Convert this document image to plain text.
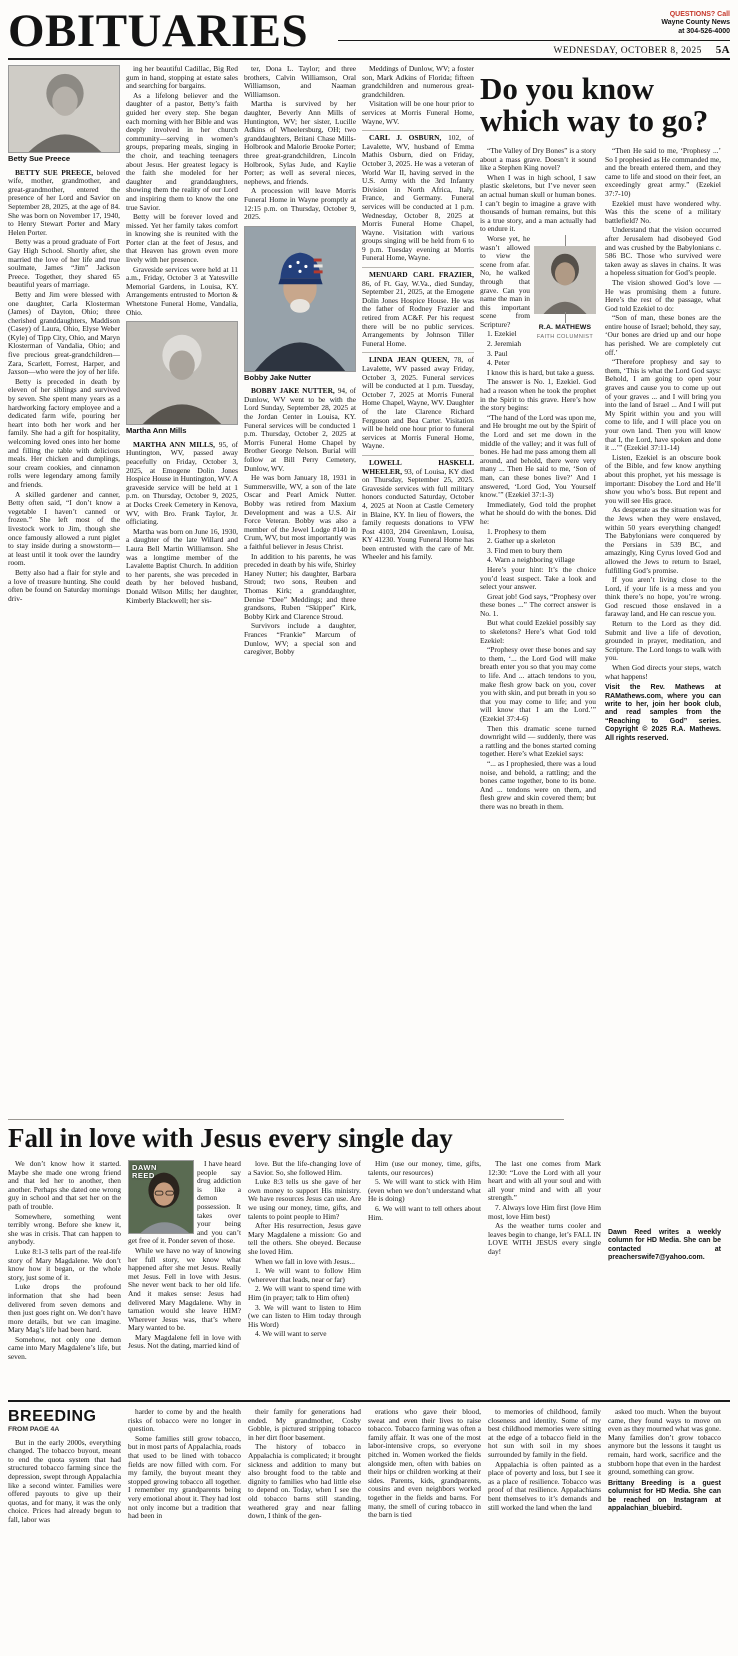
OBITUARIES	QUESTIONS? Call
Wayne County News
at 304-526-4000
WEDNESDAY, OCTOBER 8, 2025 5A
Betty Sue Preece

BETTY SUE PREECE, beloved wife, mother, grandmother, and great-grandmother, entered the presence of her Lord and Savior on September 28, 2025, at the age of 84. She was born on November 17, 1940, to Henry Stewart Porter and Mary Helen Porter.

Betty was a proud graduate of Fort Gay High School. Shortly after, she married the love of her life and true soulmate, James “Jim” Jackson Preece. Together, they shared 65 beautiful years of marriage.

Betty and Jim were blessed with one daughter, Carla Klosterman (James) of Dayton, Ohio; three cherished granddaughters, Maddison (Casey) of Laura, Ohio, Elyse Weber (Kyle) of Tipp City, Ohio, and Maryn Klosterman of Vandalia, Ohio; and five precious great-grandchildren—Zara, Scarlett, Forrest, Harper, and Jaxson—who were the joy of her life.

Betty is preceded in death by eleven of her siblings and survived by seven. She spent many years as a hardworking factory employee and a dedicated farm wife, pouring her heart into both her work and her family. She had a gift for hospitality, welcoming loved ones into her home and filling the table with delicious meals. Her chicken and dumplings, sour cream cookies, and cinnamon rolls were legendary among family and friends.

A skilled gardener and canner, Betty often said, “I don’t know a vegetable I haven’t canned or frozen.” She left most of the livestock work to Jim, though she once famously allowed a runt piglet to stay inside during a snowstorm—at least until it took over the laundry room.

Betty also had a flair for style and a love of treasure hunting. She could often be found on Saturday mornings driv-

ing her beautiful Cadillac, Big Red gum in hand, stopping at estate sales and searching for bargains.

As a lifelong believer and the daughter of a pastor, Betty’s faith guided her every step. She began each morning with her Bible and was deeply involved in her church community—serving in women’s groups, preparing meals, singing in the choir, and teaching teenagers about Jesus. Her greatest legacy is the faith she modeled for her daughter and granddaughters, showing them the reality of our Lord and inspiring them to know the one true Savior.

Betty will be forever loved and missed. Yet her family takes comfort in knowing she is reunited with the Porter clan at the feet of Jesus, and that Heaven has grown even more lively with her presence.

Graveside services were held at 11 a.m., Friday, October 3 at Yatesville Memorial Gardens, in Louisa, KY. Arrangements entrusted to Morton & Whetstone Funeral Home, Vandalia, Ohio.

Martha Ann Mills

MARTHA ANN MILLS, 95, of Huntington, WV, passed away peacefully on Friday, October 3, 2025, at Emogene Dolin Jones Hospice House in Huntington, WV. A graveside service will be held at 1 p.m. on Thursday, October 9, 2025, at Docks Creek Cemetery in Kenova, WV, with Bro. Frank Taylor, Jr. officiating.

Martha was born on June 16, 1930, a daughter of the late Willard and Laura Bell Martin Williamson. She was a longtime member of the Lavalette Baptist Church. In addition to her parents, she was preceded in death by her beloved husband, Donald Wilson Mills; her daughter, Kimberly Blackwell; her sis-

ter, Dona L. Taylor; and three brothers, Calvin Williamson, Oral Williamson, and Naaman Williamson.

Martha is survived by her daughter, Beverly Ann Mills of Huntington, WV; her sister, Lucille Adkins of Wheelersburg, OH; two granddaughters, Britani Chase Mills-Holbrook and Malorie Brooke Porter; three great-grandchildren, Lincoln Holbrook, Sylas Jude, and Kaylie Porter; as well as several nieces, nephews, and friends.

A procession will leave Morris Funeral Home in Wayne promptly at 12:15 p.m. on Thursday, October 9, 2025.

Bobby Jake Nutter

BOBBY JAKE NUTTER, 94, of Dunlow, WV went to be with the Lord Sunday, September 28, 2025 at the Jordan Center in Louisa, KY. Funeral services will be conducted 1 p.m. Thursday, October 2, 2025 at Morris Funeral Home Chapel by Brother George Nelson. Burial will follow at Bill Perry Cemetery, Dunlow, WV.

He was born January 18, 1931 in Summersville, WV, a son of the late Oscar and Pearl Amick Nutter. Bobby was retired from Maxium Development and was a U.S. Air Force Veteran. Bobby was also a member of the Jewel Lodge #140 in Crum, WV, but most importantly was a faithful believer in Jesus Christ.

In addition to his parents, he was preceded in death by his wife, Shirley Haney Nutter; his daughter, Barbara Stroud; two sons, Reuben and Thomas Kirk; a granddaughter, Denise “Dee” Meddings; and three grandsons, Ruben “Skipper” Kirk, Bobby Kirk and Clarence Stroud.

Survivors include a daughter, Frances “Frankie” Marcum of Dunlow, WV; a special son and caregiver, Bobby

Meddings of Dunlow, WV; a foster son, Mark Adkins of Florida; fifteen grandchildren and numerous great-grandchildren.

Visitation will be one hour prior to services at Morris Funeral Home, Wayne, WV.

CARL J. OSBURN, 102, of Lavalette, WV, husband of Emma Mathis Osburn, died on Friday, October 3, 2025. He was a veteran of World War II, having served in the U.S. Army with the 3rd Infantry Division in North Africa, Italy, France, and Germany. Funeral services will be conducted at 1 p.m. Wednesday, October 8, 2025 at Morris Funeral Home Chapel, Wayne. Visitation with various groups singing will be held from 6 to 9 p.m. Tuesday evening at Morris Funeral Home, Wayne.

MENUARD CARL FRAZIER, 86, of Ft. Gay, W.Va., died Sunday, September 21, 2025, at the Emogene Dolin Jones Hospice House. He was the father of Rodney Frazier and retired from AC&F. Per his request there will be no public services. Arrangements by Johnson Tiller Funeral Home.

LINDA JEAN QUEEN, 78, of Lavalette, WV passed away Friday, October 3, 2025. Funeral services will be conducted at 1 p.m. Tuesday, October 7, 2025 at Morris Funeral Home Chapel, Wayne, WV. Daughter of the late Clarence Richard Ferguson and Bea Carter. Visitation will be held one hour prior to funeral services at Morris Funeral Home, Wayne.

LOWELL HASKELL WHEELER, 93, of Louisa, KY died on Thursday, September 25, 2025. Graveside services with full military honors conducted Saturday, October 4, 2025 at Noon at Castle Cemetery in Blaine, KY. In lieu of flowers, the family requests donations to VFW Post 4103, 204 Greenlawn, Louisa, KY 41230. Young Funeral Home has been entrusted with the care of Mr. Wheeler and his family.

Do you know which way to go?

“The Valley of Dry Bones” is a story about a mass grave. Doesn’t it sound like a Stephen King novel?

When I was in high school, I saw plastic skeletons, but I’ve never seen an actual human skull or human bones. I can’t begin to imagine a grave with thousands of human remains, but this is a true story, and a man actually had to endure it.

R.A. MATHEWS
FAITH COLUMNIST

Worse yet, he wasn’t allowed to view the scene from afar. No, he walked through that grave. Can you name the man in this important scene from Scripture?

1. Ezekiel

2. Jeremiah

3. Paul

4. Peter

I know this is hard, but take a guess.

The answer is No. 1, Ezekiel. God had a reason when he took the prophet in the Spirit to this grave. Here’s how the story begins:

“The hand of the Lord was upon me, and He brought me out by the Spirit of the Lord and set me down in the middle of the valley; and it was full of bones. He had me pass among them all around, and behold, there were very many ... Then He said to me, ‘Son of man, can these bones live?’ And I answered, ‘Lord God, You Yourself know.’” (Ezekiel 37:1-3)

Immediately, God told the prophet what he should do with the bones. Did he:

1. Prophesy to them

2. Gather up a skeleton

3. Find men to bury them

4. Warn a neighboring village

Here’s your hint: It’s the choice you’d least suspect. Take a look and select your answer.

Great job! God says, “Prophesy over these bones ...” The correct answer is No. 1.

But what could Ezekiel possibly say to skeletons? Here’s what God told Ezekiel:

“Prophesy over these bones and say to them, ‘... the Lord God will make breath enter you so that you may come to life. And ... attach tendons to you, make flesh grow back on you, cover you with skin, and put breath in you so that you may come to life; and you will know that I am the Lord.’” (Ezekiel 37:4-6)

Then this dramatic scene turned downright wild — suddenly, there was a rattling and the bones started coming together. Here’s what Ezekiel says:

“... as I prophesied, there was a loud noise, and behold, a rattling; and the bones came together, bone to its bone. And ... tendons were on them, and flesh grew and skin covered them; but there was no breath in them.

“Then He said to me, ‘Prophesy ...’ So I prophesied as He commanded me, and the breath entered them, and they came to life and stood on their feet, an exceedingly great army.” (Ezekiel 37:7-10)

Ezekiel must have wondered why. Was this the scene of a military battlefield? No.

Understand that the vision occurred after Jerusalem had disobeyed God and was crushed by the Babylonians c. 586 BC. Those who survived were taken away as slaves in chains. It was a hopeless situation for God’s people.

The vision showed God’s love — He was promising them a future. Here’s the rest of the passage, what God told Ezekiel to do:

“Son of man, these bones are the entire house of Israel; behold, they say, ‘Our bones are dried up and our hope has perished. We are completely cut off.’

“Therefore prophesy and say to them, ‘This is what the Lord God says: Behold, I am going to open your graves and cause you to come up out of your graves ... and I will bring you into the land of Israel ... And I will put My Spirit within you and you will come to life, and I will place you on your own land. Then you will know that I, the Lord, have spoken and done it ...’” (Ezekiel 37:11-14)

Listen, Ezekiel is an obscure book of the Bible, and few know anything about this prophet, yet his message is important: Disobey the Lord and He’ll show you who’s boss. But repent and you will see His grace.

As desperate as the situation was for the Jews when they were enslaved, within 50 years everything changed! The Babylonians were conquered by the Persians in 539 BC, and amazingly, King Cyrus loved God and allowed the Jews to return to Israel, fulfilling God’s promise.

If you aren’t living close to the Lord, if your life is a mess and you think there’s no hope, you’re wrong. God rescued those enslaved in a faraway land, and He can rescue you.

Return to the Lord as they did. Submit and live a life of devotion, grounded in prayer, meditation, and Scripture. The Lord longs to walk with you.

When God directs your steps, watch what happens!

Visit the Rev. Mathews at RAMathews.com, where you can write to her, join her book club, and read samples from the “Reaching to God” series. Copyright © 2025 R.A. Mathews. All rights reserved.

Fall in love with Jesus every single day

We don’t know how it started. Maybe she made one wrong friend and that led her to another, then another. Perhaps she dated one wrong guy in school and that set her on the path of trouble.

Somewhere, something went terribly wrong. Before she knew it, she was in crisis. That can happen to anybody.

Luke 8:1-3 tells part of the real-life story of Mary Magdalene. We don’t know how it began, or the whole story, just some of it.

Luke drops the profound information that she had been delivered from seven demons and then just goes right on. We don’t have more details, but we can imagine. Mary Mag’s life had been hard.

Somehow, not only one demon came into Mary Magdalene’s life, but seven.

DAWN
REED

I have heard people say drug addiction is like a demon possession. It takes over your being and you can’t get free of it. Ponder seven of those.

While we have no way of knowing her full story, we know what happened after she met Jesus. Really met Jesus. Fell in love with Jesus. She never went back to her old life. And it makes sense: Jesus had delivered Mary Magdalene. Why in tarnation would she leave HIM? Wherever Jesus was, that’s where Mary wanted to be.

Mary Magdalene fell in love with Jesus. Not the dating, married kind of

love. But the life-changing love of a Savior. So, she followed Him.

Luke 8:3 tells us she gave of her own money to support His ministry. We have resources Jesus can use. Are we using our money, time, gifts, and talents to point people to Him?

After His resurrection, Jesus gave Mary Magdalene a mission: Go and tell the others. She obeyed. Because she loved Him.

When we fall in love with Jesus...

1. We will want to follow Him (wherever that leads, near or far)

2. We will want to spend time with Him (in prayer; talk to Him often)

3. We will want to listen to Him (we can listen to Him today through His Word)

4. We will want to serve

Him (use our money, time, gifts, talents, our resources)

5. We will want to stick with Him (even when we don’t understand what He is doing)

6. We will want to tell others about Him.

The last one comes from Mark 12:30: “Love the Lord with all your heart and with all your soul and with all your mind and with all your strength.”

7. Always love Him first (love Him most, love Him best)

As the weather turns cooler and leaves begin to change, let’s FALL IN LOVE WITH JESUS every single day!

Dawn Reed writes a weekly column for HD Media. She can be contacted at preacherswife7@yahoo.com.

BREEDING
FROM PAGE 4A

But in the early 2000s, everything changed. The tobacco buyout, meant to end the quota system that had structured tobacco farming since the depression, swept through Appalachia like a second winter. Families were offered payouts to give up their quotas, and for many, it was the only choice. Prices had already begun to fall, labor was

harder to come by and the health risks of tobacco were no longer in question.

Some families still grow tobacco, but in most parts of Appalachia, roads that used to be lined with tobacco fields are now filled with corn. For my family, the buyout meant they stopped growing tobacco all together. I remember my grandparents being very emotional about it. They had lost not only income but a tradition that had been in

their family for generations had ended. My grandmother, Cosby Gobble, is pictured stripping tobacco in her dirt floor basement.

The history of tobacco in Appalachia is complicated; it brought sickness and addition to many but also brought food to the table and dignity to families who had little else to depend on. Today, when I see the old tobacco barns still standing, weathered gray and near falling down, I think of the gen-

erations who gave their blood, sweat and even their lives to raise tobacco. Tobacco farming was often a family affair. It was one of the most labor-intensive crops, so everyone pitched in. Women worked the fields alongside men, often with babies on their hips or children working at their sides. Parents, kids, grandparents, cousins and even neighbors worked together in the fields and barns. For many, the smell of curing tobacco in the barn is tied

to memories of childhood, family closeness and identity. Some of my best childhood memories were sitting at the edge of a tobacco field in the hot sun with soil in my shoes surrounded by family in the field.

Appalachia is often painted as a place of poverty and loss, but I see it as a place of resilience. Tobacco was proof of that resilience. Appalachians bent themselves to it’s demands and still worked the land when the land

asked too much. When the buyout came, they found ways to move on even as they mourned what was gone. Many families don’t grow tobacco anymore but the lessons it taught us remain, hard work, sacrifice and the stubborn hope that even in the hardest ground, something can grow.

Brittany Breeding is a guest columnist for HD Media. She can be reached on Instagram at appalachian_bluebird.
